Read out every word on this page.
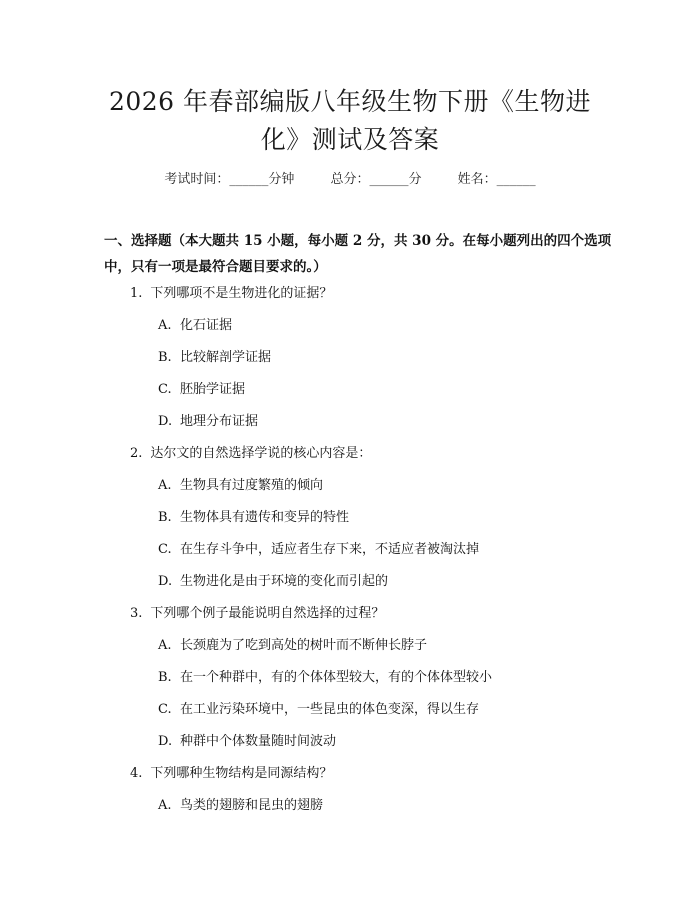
2026 年春部编版八年级生物下册《生物进
化》测试及答案
考试时间：______分钟	总分：______分	姓名：______
一、选择题（本大题共 15 小题，每小题 2 分，共 30 分。在每小题列出的四个选项中，只有一项是最符合题目要求的。）
1. 下列哪项不是生物进化的证据？
A. 化石证据
B. 比较解剖学证据
C. 胚胎学证据
D. 地理分布证据
2. 达尔文的自然选择学说的核心内容是：
A. 生物具有过度繁殖的倾向
B. 生物体具有遗传和变异的特性
C. 在生存斗争中，适应者生存下来，不适应者被淘汰掉
D. 生物进化是由于环境的变化而引起的
3. 下列哪个例子最能说明自然选择的过程？
A. 长颈鹿为了吃到高处的树叶而不断伸长脖子
B. 在一个种群中，有的个体体型较大，有的个体体型较小
C. 在工业污染环境中，一些昆虫的体色变深，得以生存
D. 种群中个体数量随时间波动
4. 下列哪种生物结构是同源结构？
A. 鸟类的翅膀和昆虫的翅膀
